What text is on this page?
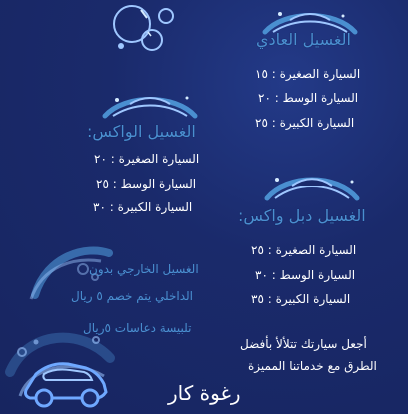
الغسيل العادي
السيارة الصغيرة : ١٥
السيارة الوسط : ٢٠
السيارة الكبيرة : ٢٥
الغسيل الواكس:
السيارة الصغيرة : ٢٠
السيارة الوسط : ٢٥
السيارة الكبيرة : ٣٠	الغسيل دبل واكس:
السيارة الصغيرة : ٢٥
السيارة الوسط : ٣٠
السيارة الكبيرة : ٣٥
الغسيل الخارجي بدون
الداخلي يتم خصم ٥ ريال
تلبيسة دعاسات ٥ريال
أجعل سيارتك تتلألأ بأفضل
الطرق مع خدماتنا المميزة
رغوة كار
